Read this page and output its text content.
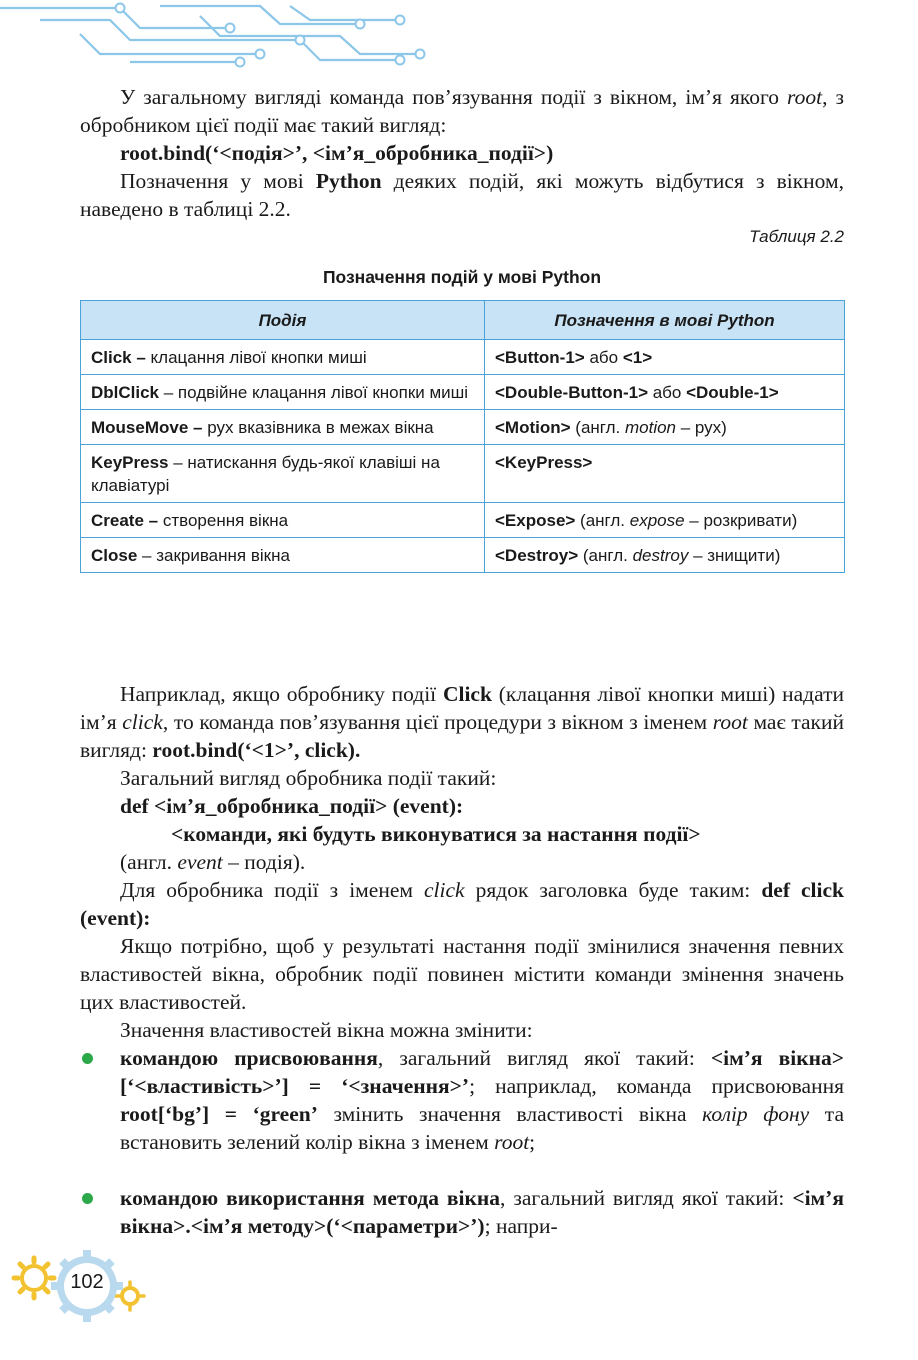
У загальному вигляді команда пов’язування події з вікном, ім’я якого root, з обробником цієї події має такий вигляд:

root.bind(‘<подія>’, <ім’я_обробника_події>)

Позначення у мові Python деяких подій, які можуть відбутися з вікном, наведено в таблиці 2.2.

Таблиця 2.2
Позначення подій у мові Python
Подія	Позначення в мові Python
Click – клацання лівої кнопки миші	<Button-1> або <1>
DblClick – подвійне клацання лівої кнопки миші	<Double-Button-1> або <Double-1>
MouseMove – рух вказівника в межах вікна	<Motion> (англ. motion – рух)
KeyPress – натискання будь-якої клавіші на клавіатурі	<KeyPress>
Create – створення вікна	<Expose> (англ. expose – розкривати)
Close – закривання вікна	<Destroy> (англ. destroy – знищити)

Наприклад, якщо обробнику події Click (клацання лівої кнопки миші) надати ім’я click, то команда пов’язування цієї процедури з вікном з іменем root має такий вигляд: root.bind(‘<1>’, click).

Загальний вигляд обробника події такий:

def <ім’я_обробника_події> (event):

<команди, які будуть виконуватися за настання події>

(англ. event – подія).

Для обробника події з іменем click рядок заголовка буде таким: def click (event):

Якщо потрібно, щоб у результаті настання події змінилися значення певних властивостей вікна, обробник події повинен містити команди змінення значень цих властивостей.

Значення властивостей вікна можна змінити:

командою присвоювання, загальний вигляд якої такий: <ім’я вікна>[‘<властивість>’] = ‘<значення>’; наприклад, команда присвоювання root[‘bg’] = ‘green’ змінить значення властивості вікна колір фону та встановить зелений колір вікна з іменем root;

командою використання метода вікна, загальний вигляд якої такий: <ім’я вікна>.<ім’я методу>(‘<параметри>’); напри-

102
